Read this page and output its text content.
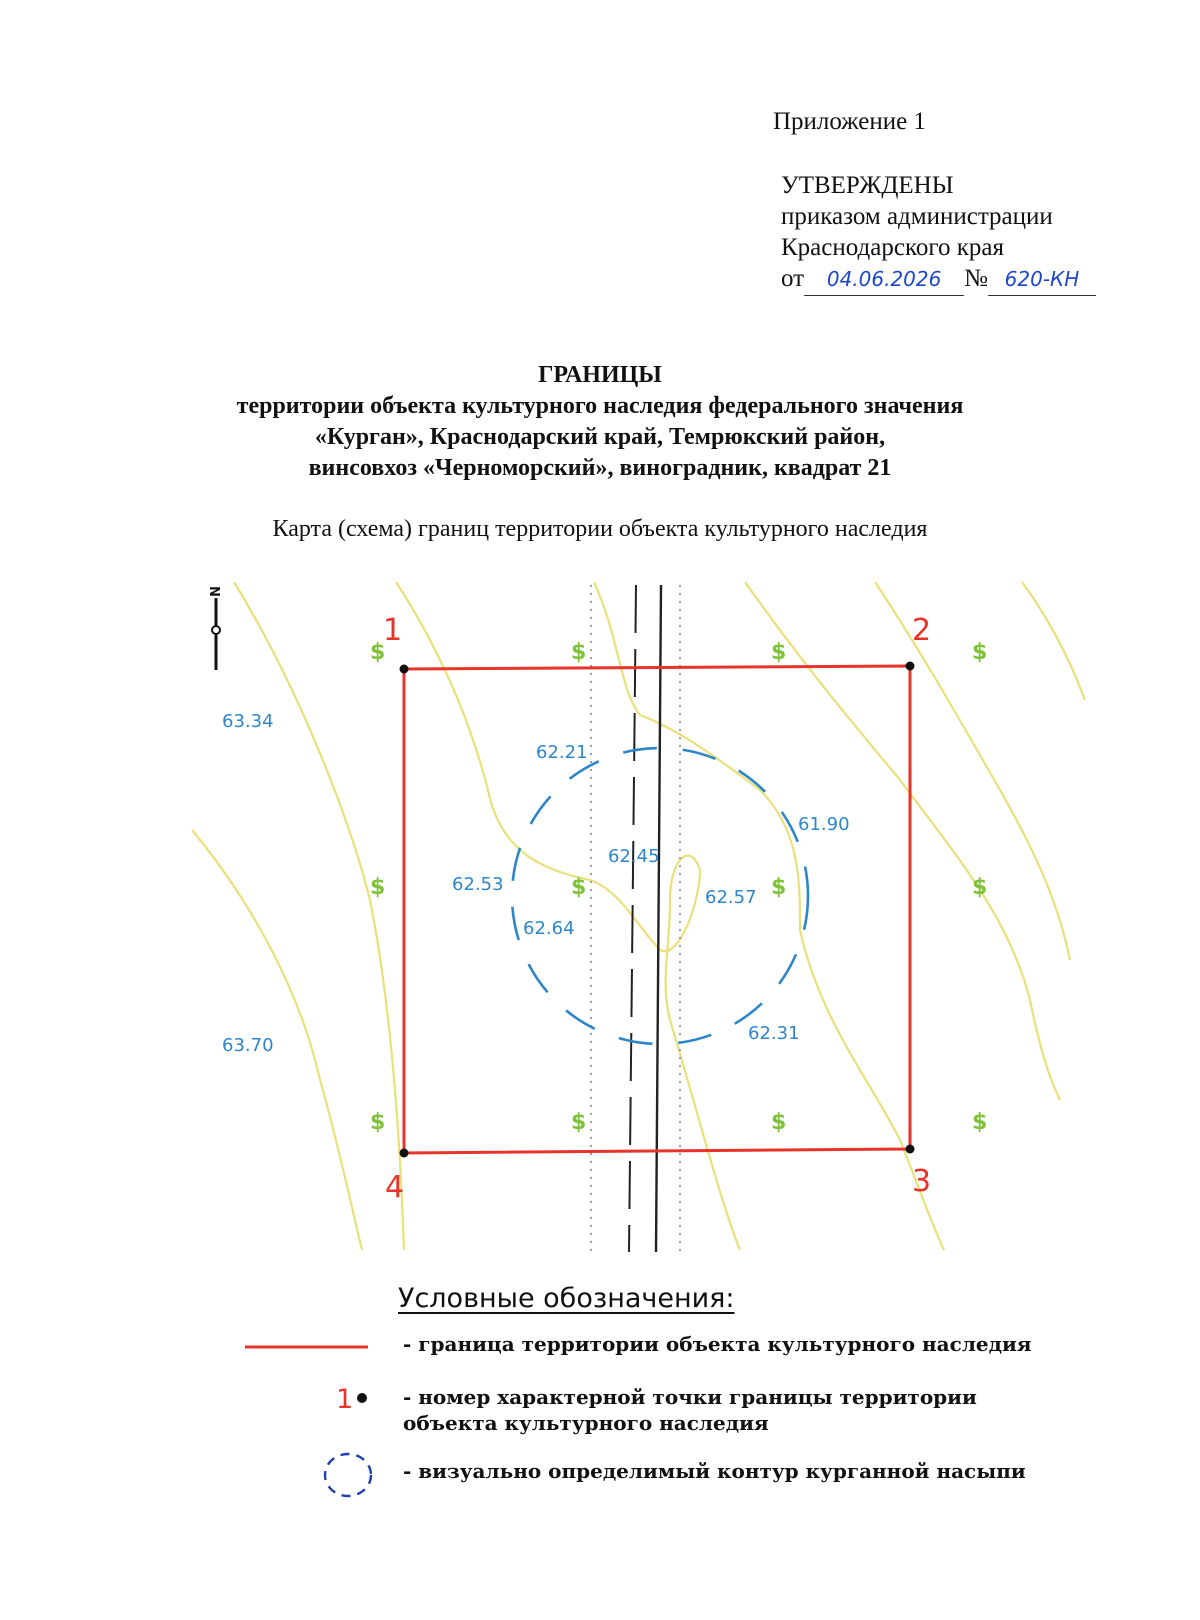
Приложение 1
УТВЕРЖДЕНЫ
приказом администрации
Краснодарского края
от 04.06.2026 № 620-КН
ГРАНИЦЫ
территории объекта культурного наследия федерального значения
«Курган», Краснодарский край, Темрюкский район,
винсовхоз «Черноморский», виноградник, квадрат 21
Карта (схема) границ территории объекта культурного наследия
1	2
3
4
63.34
63.70
62.21
61.90
62.45
62.53
62.57
62.64
62.31
$	$	$	$
$	$	$	$
$	$	$	$
N
Условные обозначения:
- граница территории объекта культурного наследия
1 - номер характерной точки границы территории объекта культурного наследия
- визуально определимый контур курганной насыпи
